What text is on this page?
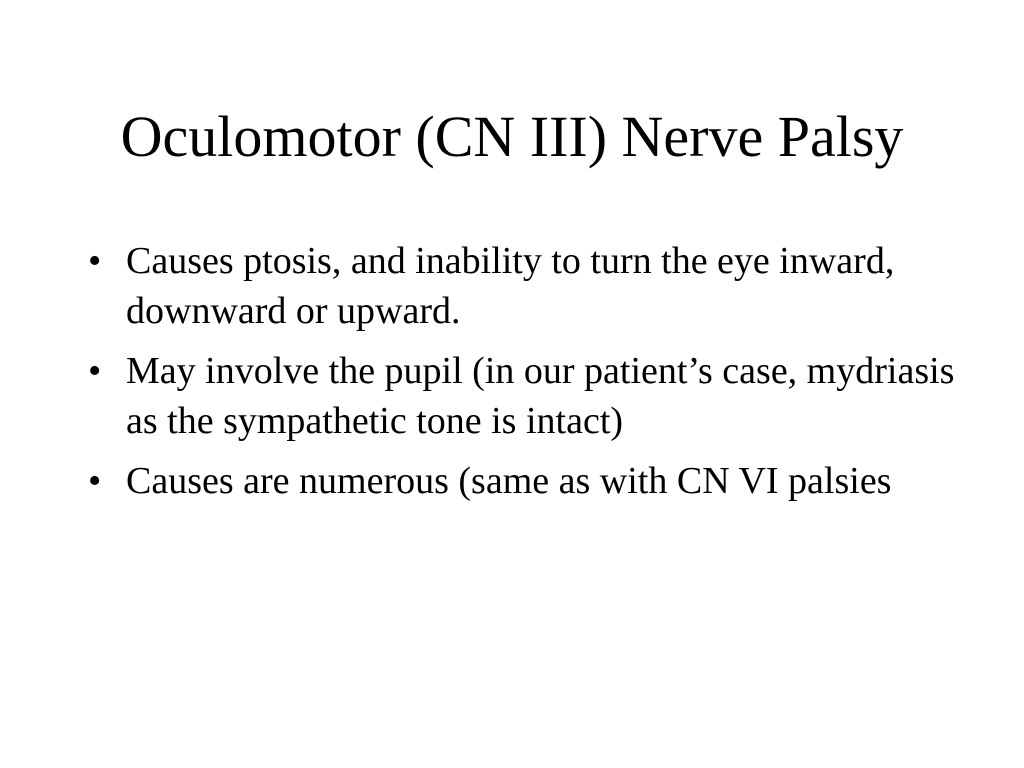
Oculomotor (CN III) Nerve Palsy
• Causes ptosis, and inability to turn the eye inward, downward or upward.
• May involve the pupil (in our patient’s case, mydriasis as the sympathetic tone is intact)
• Causes are numerous (same as with CN VI palsies
